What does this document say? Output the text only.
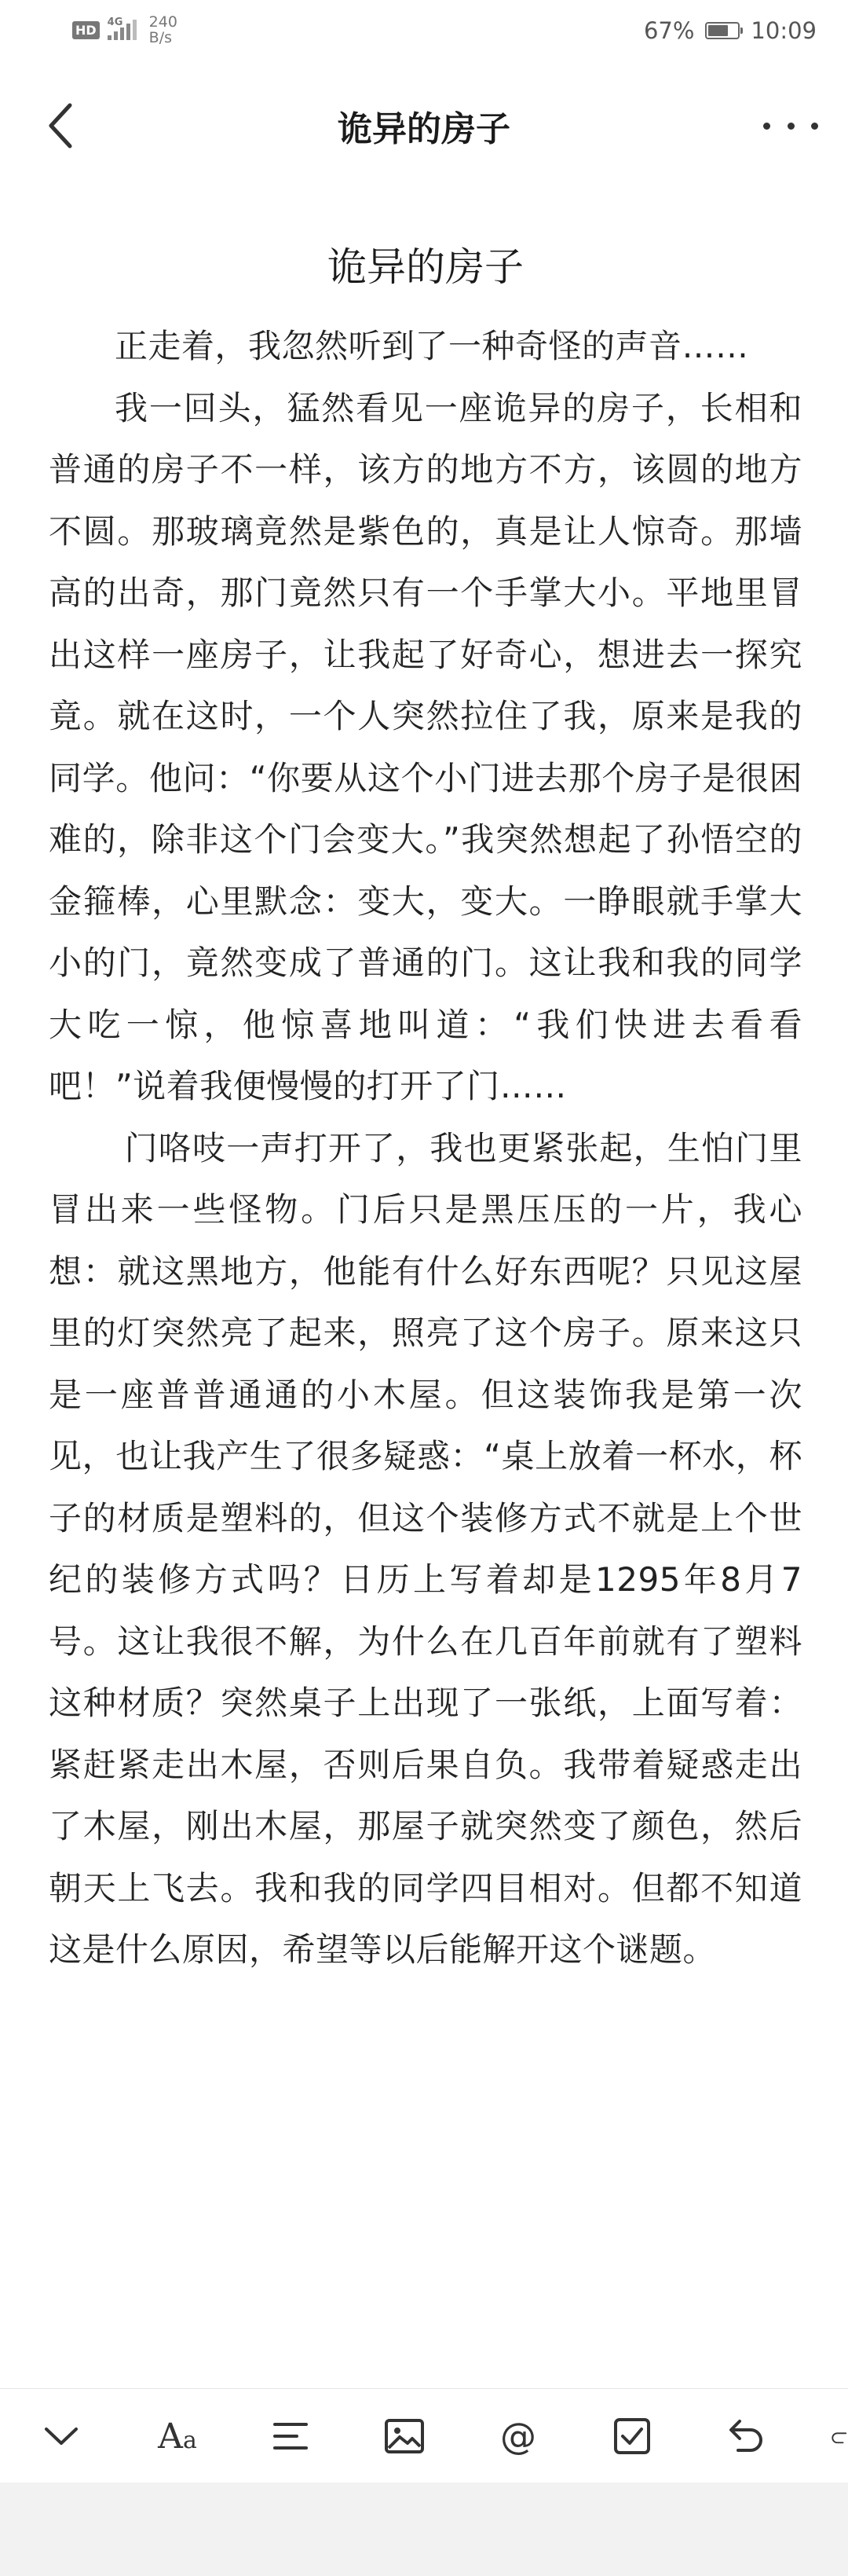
HD	4G 240
B/s	67% 10:09
诡异的房子
诡异的房子

正走着，我忽然听到了一种奇怪的声音……

我一回头，猛然看见一座诡异的房子，长相和普通的房子不一样，该方的地方不方，该圆的地方不圆。那玻璃竟然是紫色的，真是让人惊奇。那墙高的出奇，那门竟然只有一个手掌大小。平地里冒出这样一座房子，让我起了好奇心，想进去一探究竟。就在这时，一个人突然拉住了我，原来是我的同学。他问：“你要从这个小门进去那个房子是很困难的，除非这个门会变大。”我突然想起了孙悟空的金箍棒，心里默念：变大，变大。一睁眼就手掌大小的门，竟然变成了普通的门。这让我和我的同学大吃一惊，他惊喜地叫道：“我们快进去看看吧！”说着我便慢慢的打开了门……

门咯吱一声打开了，我也更紧张起，生怕门里冒出来一些怪物。门后只是黑压压的一片，我心想：就这黑地方，他能有什么好东西呢？只见这屋里的灯突然亮了起来，照亮了这个房子。原来这只是一座普普通通的小木屋。但这装饰我是第一次见，也让我产生了很多疑惑：“桌上放着一杯水，杯子的材质是塑料的，但这个装修方式不就是上个世纪的装修方式吗？日历上写着却是1295年8月7号。这让我很不解，为什么在几百年前就有了塑料这种材质？突然桌子上出现了一张纸，上面写着：紧赶紧走出木屋，否则后果自负。我带着疑惑走出了木屋，刚出木屋，那屋子就突然变了颜色，然后朝天上飞去。我和我的同学四目相对。但都不知道这是什么原因，希望等以后能解开这个谜题。

Aa	@
